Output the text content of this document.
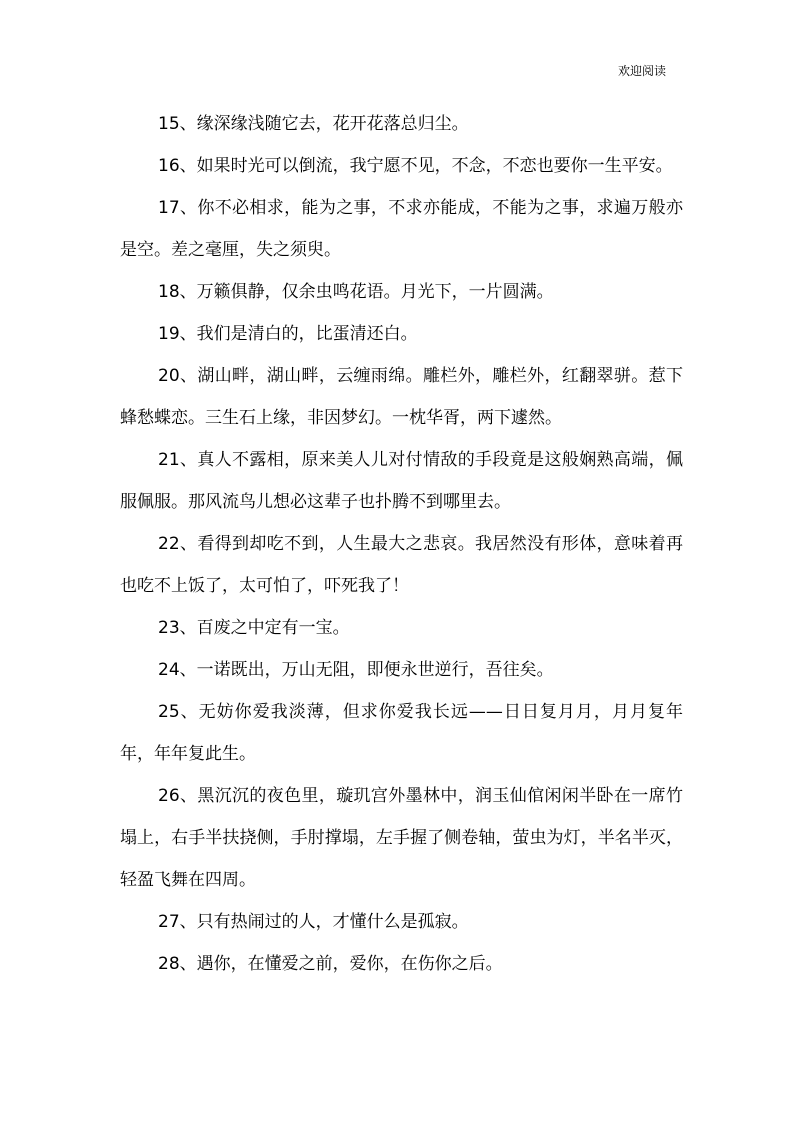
欢迎阅读

15、缘深缘浅随它去，花开花落总归尘。

16、如果时光可以倒流，我宁愿不见，不念，不恋也要你一生平安。

17、你不必相求，能为之事，不求亦能成，不能为之事，求遍万般亦是空。差之毫厘，失之须臾。

18、万籁俱静，仅余虫鸣花语。月光下，一片圆满。

19、我们是清白的，比蛋清还白。

20、湖山畔，湖山畔，云缠雨绵。雕栏外，雕栏外，红翻翠骈。惹下蜂愁蝶恋。三生石上缘，非因梦幻。一枕华胥，两下遽然。

21、真人不露相，原来美人儿对付情敌的手段竟是这般娴熟高端，佩服佩服。那风流鸟儿想必这辈子也扑腾不到哪里去。

22、看得到却吃不到，人生最大之悲哀。我居然没有形体，意味着再也吃不上饭了，太可怕了，吓死我了！

23、百废之中定有一宝。

24、一诺既出，万山无阻，即便永世逆行，吾往矣。

25、无妨你爱我淡薄，但求你爱我长远——日日复月月，月月复年年，年年复此生。

26、黑沉沉的夜色里，璇玑宫外墨林中，润玉仙倌闲闲半卧在一席竹塌上，右手半扶挠侧，手肘撑塌，左手握了侧卷轴，萤虫为灯，半名半灭，轻盈飞舞在四周。

27、只有热闹过的人，才懂什么是孤寂。

28、遇你，在懂爱之前，爱你，在伤你之后。
